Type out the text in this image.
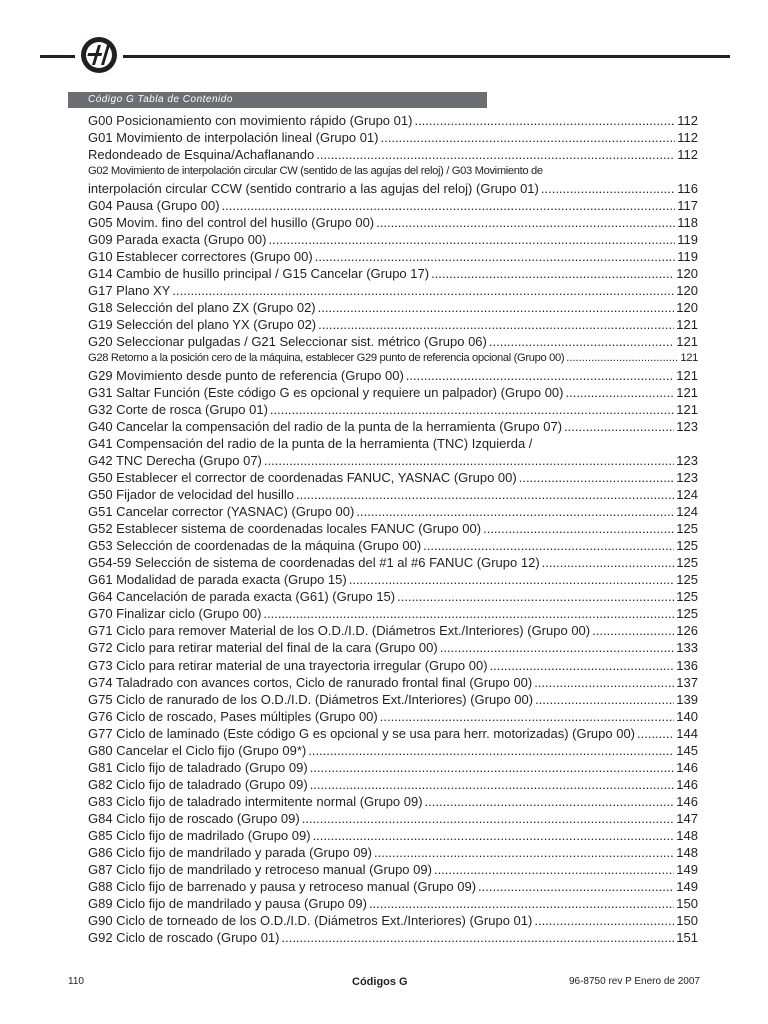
Código G Tabla de Contenido
G00 Posicionamiento con movimiento rápido (Grupo 01) .....	112
G01 Movimiento de interpolación lineal (Grupo 01) .....	112
Redondeado de Esquina/Achaflanando .....	112
G02 Movimiento de interpolación circular CW (sentido de las agujas del reloj) / G03 Movimiento de
interpolación circular CCW (sentido contrario a las agujas del reloj) (Grupo 01) .....	116
G04 Pausa (Grupo 00) .....	117
G05 Movim. fino del control del husillo (Grupo 00) .....	118
G09 Parada exacta (Grupo 00) .....	119
G10 Establecer correctores (Grupo 00) .....	119
G14 Cambio de husillo principal / G15 Cancelar (Grupo 17) .....	120
G17 Plano XY .....	120
G18 Selección del plano ZX (Grupo 02) .....	120
G19 Selección del plano YX (Grupo 02) .....	121
G20 Seleccionar pulgadas / G21 Seleccionar sist. métrico (Grupo 06) .....	121
G28 Retorno a la posición cero de la máquina, establecer G29 punto de referencia opcional (Grupo 00) .....	121
G29 Movimiento desde punto de referencia (Grupo 00) .....	121
G31 Saltar Función (Este código G es opcional y requiere un palpador) (Grupo 00) .....	121
G32 Corte de rosca (Grupo 01) .....	121
G40 Cancelar la compensación del radio de la punta de la herramienta (Grupo 07) .....	123
G41 Compensación del radio de la punta de la herramienta (TNC) Izquierda /
G42 TNC Derecha (Grupo 07) .....	123
G50 Establecer el corrector de coordenadas FANUC, YASNAC (Grupo 00) .....	123
G50 Fijador de velocidad del husillo .....	124
G51 Cancelar corrector (YASNAC) (Grupo 00) .....	124
G52 Establecer sistema de coordenadas locales FANUC (Grupo 00) .....	125
G53 Selección de coordenadas de la máquina (Grupo 00) .....	125
G54-59 Selección de sistema de coordenadas del #1 al #6 FANUC (Grupo 12) .....	125
G61 Modalidad de parada exacta (Grupo 15) .....	125
G64 Cancelación de parada exacta (G61) (Grupo 15) .....	125
G70 Finalizar ciclo (Grupo 00) .....	125
G71 Ciclo para remover Material de los O.D./I.D. (Diámetros Ext./Interiores) (Grupo 00) .....	126
G72 Ciclo para retirar material del final de la cara (Grupo 00) .....	133
G73 Ciclo para retirar material de una trayectoria irregular (Grupo 00) .....	136
G74 Taladrado con avances cortos, Ciclo de ranurado frontal final (Grupo 00) .....	137
G75 Ciclo de ranurado de los O.D./I.D. (Diámetros Ext./Interiores) (Grupo 00) .....	139
G76 Ciclo de roscado, Pases múltiples (Grupo 00) .....	140
G77 Ciclo de laminado (Este código G es opcional y se usa para herr. motorizadas) (Grupo 00) .....	144
G80 Cancelar el Ciclo fijo (Grupo 09*) .....	145
G81 Ciclo fijo de taladrado (Grupo 09) .....	146
G82 Ciclo fijo de taladrado (Grupo 09) .....	146
G83 Ciclo fijo de taladrado intermitente normal (Grupo 09) .....	146
G84 Ciclo fijo de roscado (Grupo 09) .....	147
G85 Ciclo fijo de madrilado (Grupo 09) .....	148
G86 Ciclo fijo de mandrilado y parada (Grupo 09) .....	148
G87 Ciclo fijo de mandrilado y retroceso manual (Grupo 09) .....	149
G88 Ciclo fijo de barrenado y pausa y retroceso manual (Grupo 09) .....	149
G89 Ciclo fijo de mandrilado y pausa (Grupo 09) .....	150
G90 Ciclo de torneado de los O.D./I.D. (Diámetros Ext./Interiores) (Grupo 01) .....	150
G92 Ciclo de roscado (Grupo 01) .....	151
110	Códigos G	96-8750 rev P Enero de 2007
